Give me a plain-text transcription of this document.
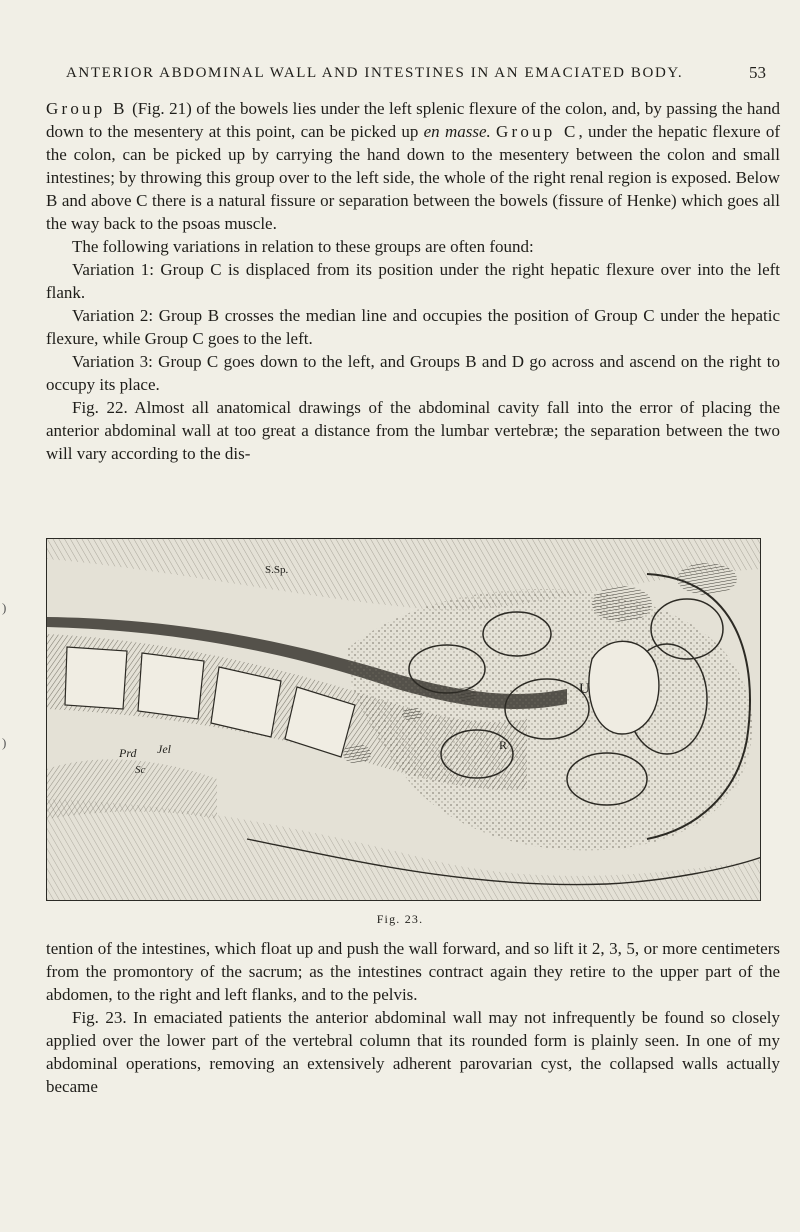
ANTERIOR ABDOMINAL WALL AND INTESTINES IN AN EMACIATED BODY.	53

Group B (Fig. 21) of the bowels lies under the left splenic flexure of the colon, and, by passing the hand down to the mesentery at this point, can be picked up en masse. Group C, under the hepatic flexure of the colon, can be picked up by carrying the hand down to the mesentery between the colon and small intestines; by throwing this group over to the left side, the whole of the right renal region is exposed. Below B and above C there is a natural fissure or separation between the bowels (fissure of Henke) which goes all the way back to the psoas muscle.

The following variations in relation to these groups are often found:

Variation 1: Group C is displaced from its position under the right hepatic flexure over into the left flank.

Variation 2: Group B crosses the median line and occupies the position of Group C under the hepatic flexure, while Group C goes to the left.

Variation 3: Group C goes down to the left, and Groups B and D go across and ascend on the right to occupy its place.

Fig. 22. Almost all anatomical drawings of the abdominal cavity fall into the error of placing the anterior abdominal wall at too great a distance from the lumbar vertebræ; the separation between the two will vary according to the dis-

S.Sp.
U
R
Prd Jel
Sc
Fig. 23.

tention of the intestines, which float up and push the wall forward, and so lift it 2, 3, 5, or more centimeters from the promontory of the sacrum; as the intestines contract again they retire to the upper part of the abdomen, to the right and left flanks, and to the pelvis.

Fig. 23. In emaciated patients the anterior abdominal wall may not infrequently be found so closely applied over the lower part of the vertebral column that its rounded form is plainly seen. In one of my abdominal operations, removing an extensively adherent parovarian cyst, the collapsed walls actually became

)
)
